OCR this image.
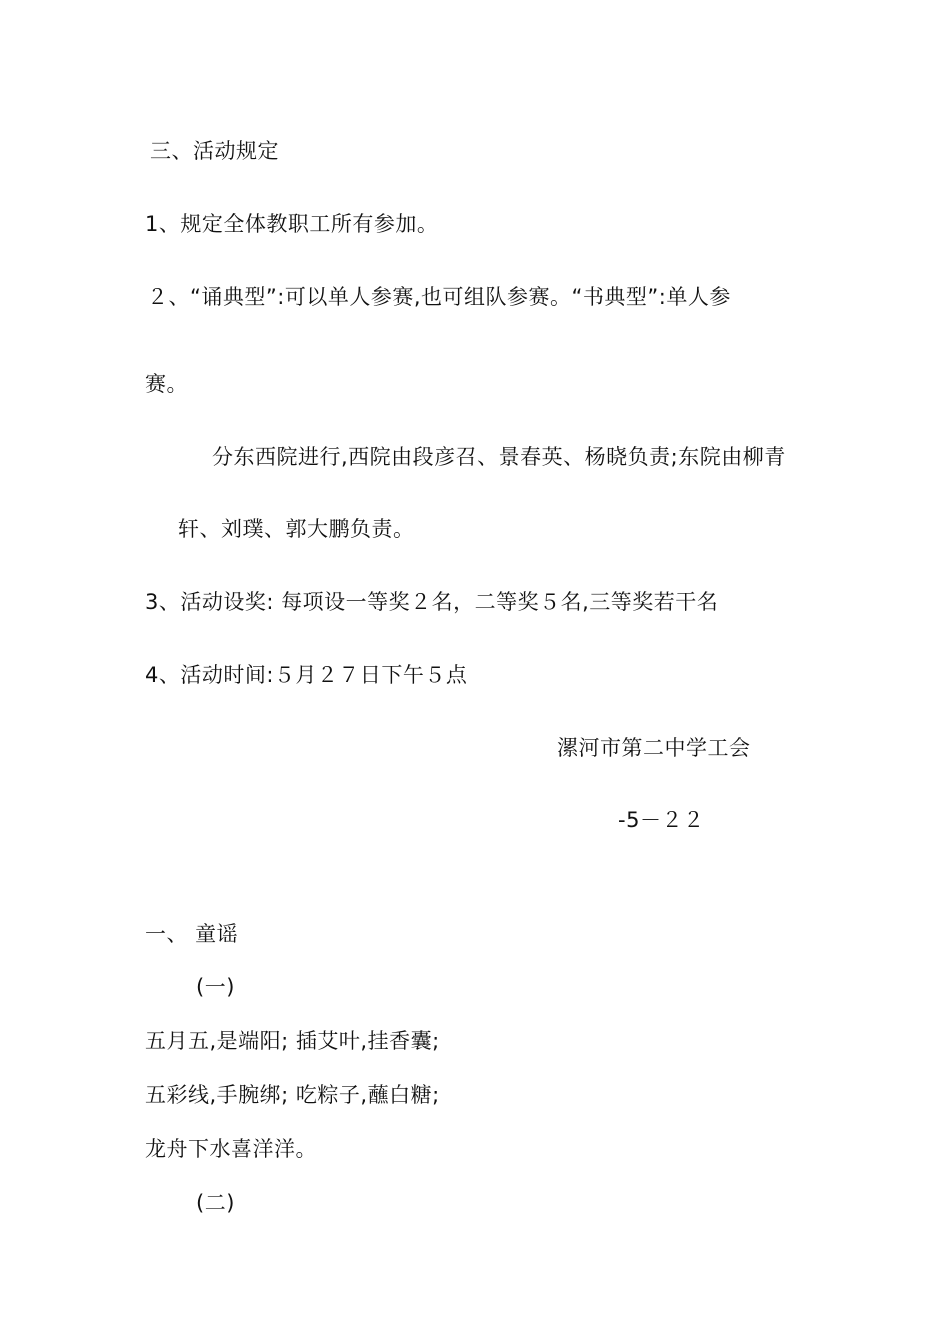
三、活动规定
1、规定全体教职工所有参加。
２、“诵典型”:可以单人参赛,也可组队参赛。“书典型”:单人参
赛。
分东西院进行,西院由段彦召、景春英、杨晓负责;东院由柳青
轩、刘璞、郭大鹏负责。
3、活动设奖: 每项设一等奖２名，二等奖５名,三等奖若干名
4、活动时间:５月２７日下午５点
漯河市第二中学工会
-5－２２
一、 童谣
(一)
五月五,是端阳; 插艾叶,挂香囊;
五彩线,手腕绑; 吃粽子,蘸白糖;
龙舟下水喜洋洋。
(二)
